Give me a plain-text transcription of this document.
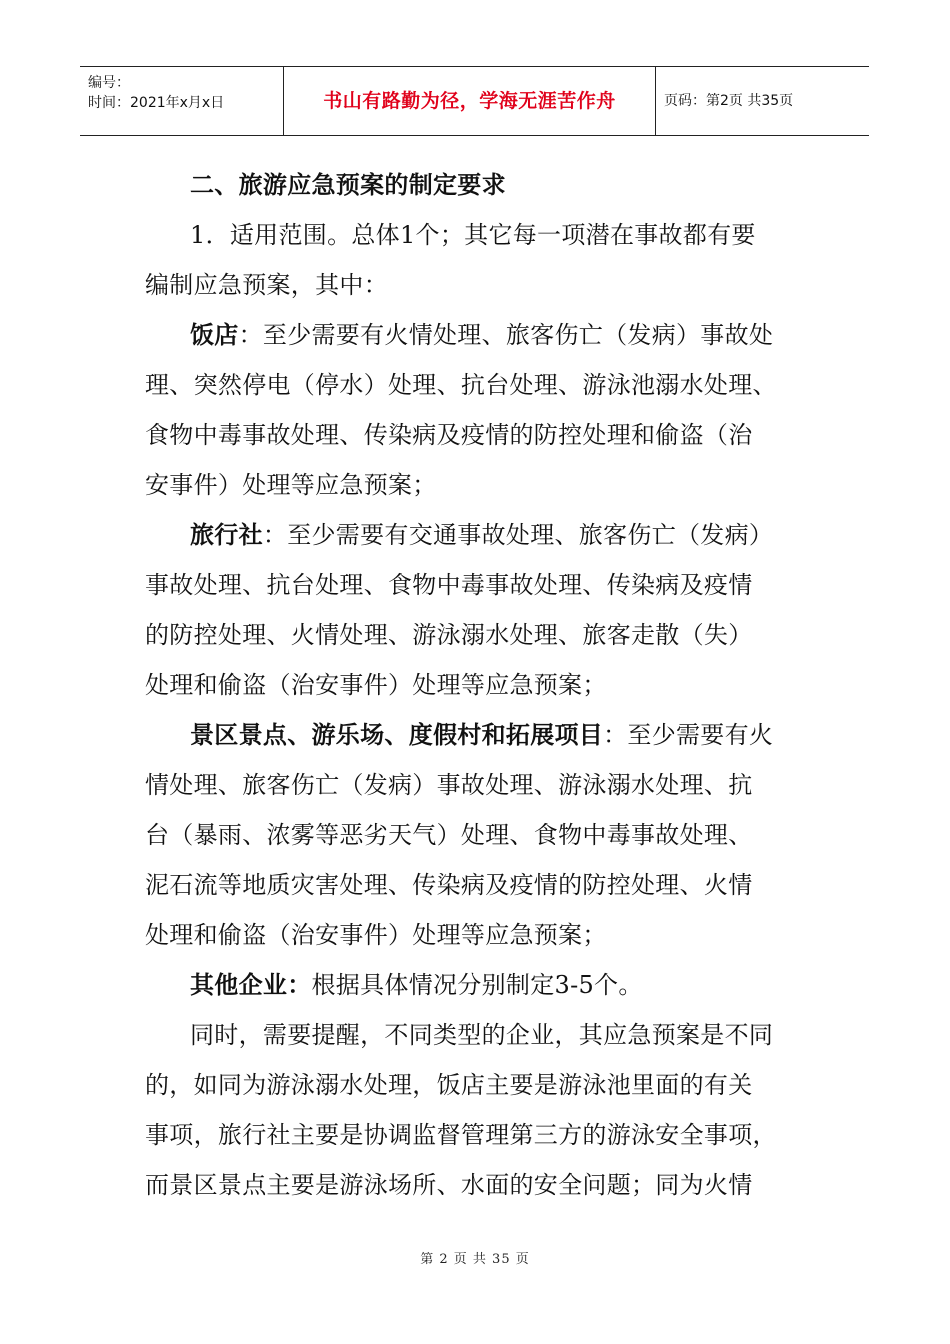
编号：
时间：2021年x月x日	书山有路勤为径，学海无涯苦作舟	页码：第2页 共35页
二、旅游应急预案的制定要求
1．适用范围。总体1个；其它每一项潜在事故都有要
编制应急预案，其中：
饭店：至少需要有火情处理、旅客伤亡（发病）事故处
理、突然停电（停水）处理、抗台处理、游泳池溺水处理、
食物中毒事故处理、传染病及疫情的防控处理和偷盗（治
安事件）处理等应急预案；
旅行社：至少需要有交通事故处理、旅客伤亡（发病）
事故处理、抗台处理、食物中毒事故处理、传染病及疫情
的防控处理、火情处理、游泳溺水处理、旅客走散（失）
处理和偷盗（治安事件）处理等应急预案；
景区景点、游乐场、度假村和拓展项目：至少需要有火
情处理、旅客伤亡（发病）事故处理、游泳溺水处理、抗
台（暴雨、浓雾等恶劣天气）处理、食物中毒事故处理、
泥石流等地质灾害处理、传染病及疫情的防控处理、火情
处理和偷盗（治安事件）处理等应急预案；
其他企业：根据具体情况分别制定3-5个。
同时，需要提醒，不同类型的企业，其应急预案是不同
的，如同为游泳溺水处理，饭店主要是游泳池里面的有关
事项，旅行社主要是协调监督管理第三方的游泳安全事项，
而景区景点主要是游泳场所、水面的安全问题；同为火情
第 2 页 共 35 页
